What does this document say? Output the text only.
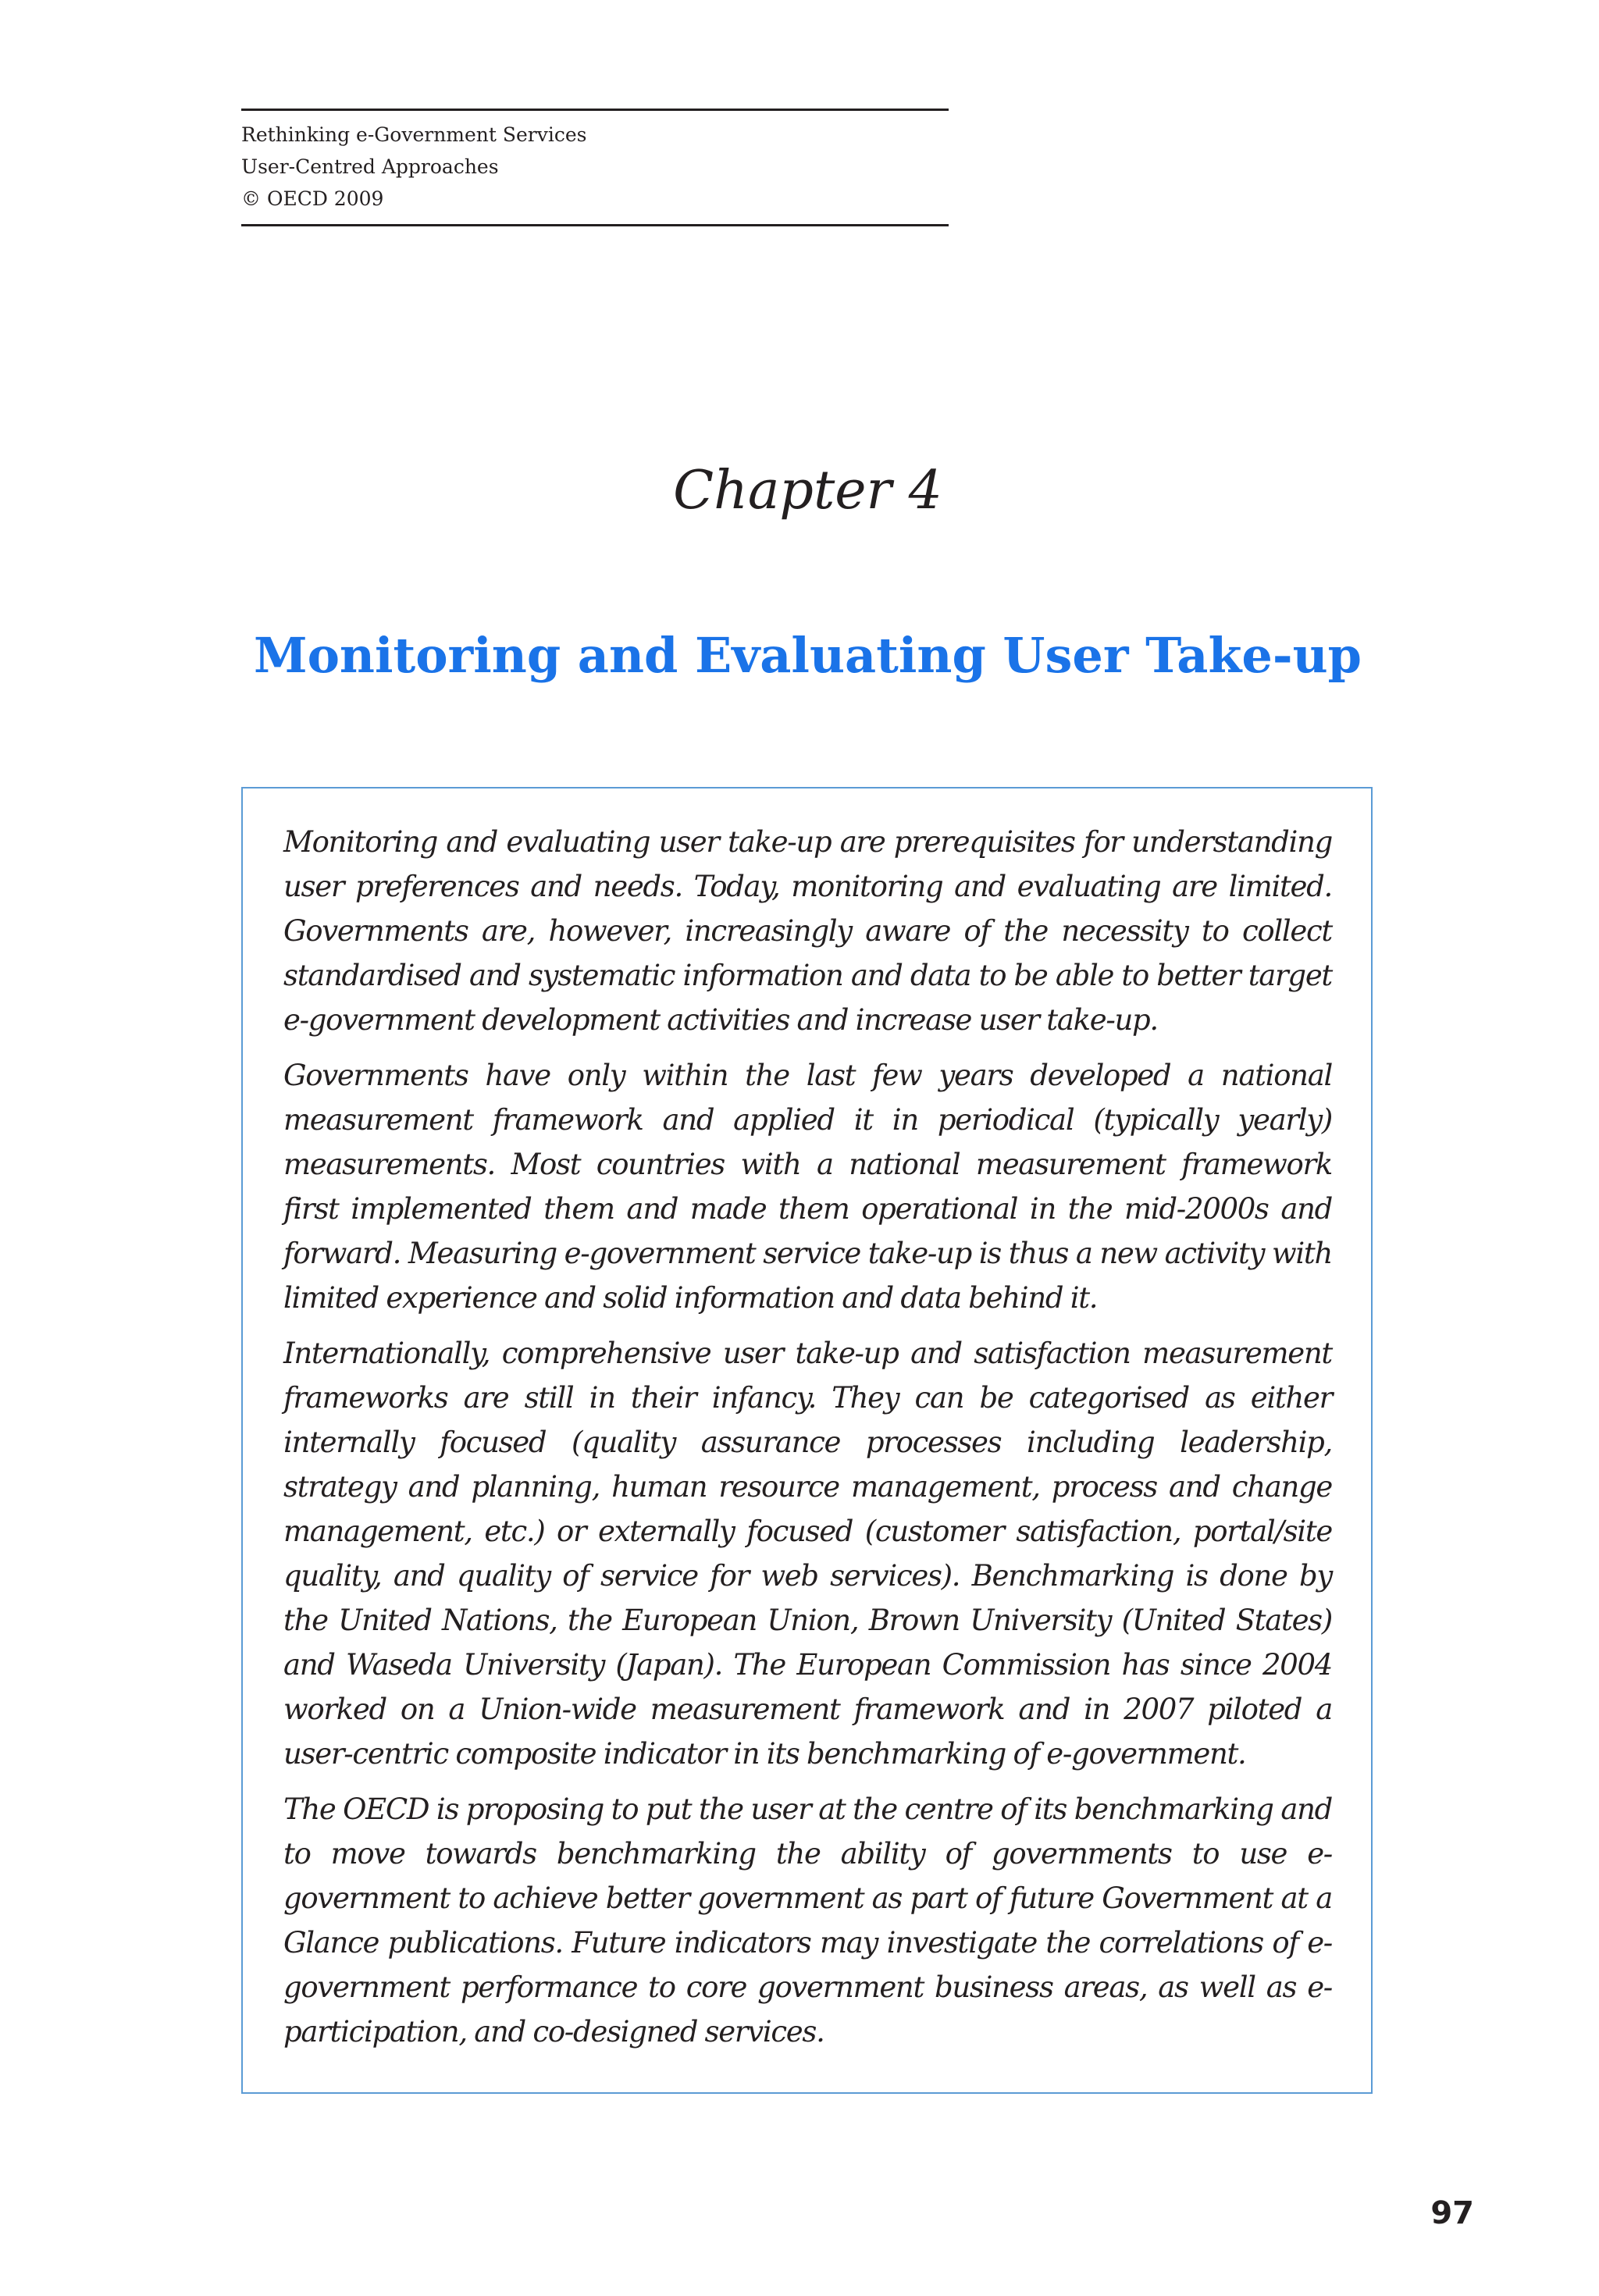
Rethinking e-Government Services
User-Centred Approaches
© OECD 2009
Chapter 4
Monitoring and Evaluating User Take-up

Monitoring and evaluating user take-up are prerequisites for understanding user preferences and needs. Today, monitoring and evaluating are limited. Governments are, however, increasingly aware of the necessity to collect standardised and systematic information and data to be able to better target e-government development activities and increase user take-up.

Governments have only within the last few years developed a national measurement framework and applied it in periodical (typically yearly) measurements. Most countries with a national measurement framework first implemented them and made them operational in the mid-2000s and forward. Measuring e-government service take-up is thus a new activity with limited experience and solid information and data behind it.

Internationally, comprehensive user take-up and satisfaction measurement frameworks are still in their infancy. They can be categorised as either internally focused (quality assurance processes including leadership, strategy and planning, human resource management, process and change management, etc.) or externally focused (customer satisfaction, portal/site quality, and quality of service for web services). Benchmarking is done by the United Nations, the European Union, Brown University (United States) and Waseda University (Japan). The European Commission has since 2004 worked on a Union-wide measurement framework and in 2007 piloted a user-centric composite indicator in its benchmarking of e-government.

The OECD is proposing to put the user at the centre of its benchmarking and to move towards benchmarking the ability of governments to use e-government to achieve better government as part of future Government at a Glance publications. Future indicators may investigate the correlations of e-government performance to core government business areas, as well as e-participation, and co-designed services.

97
